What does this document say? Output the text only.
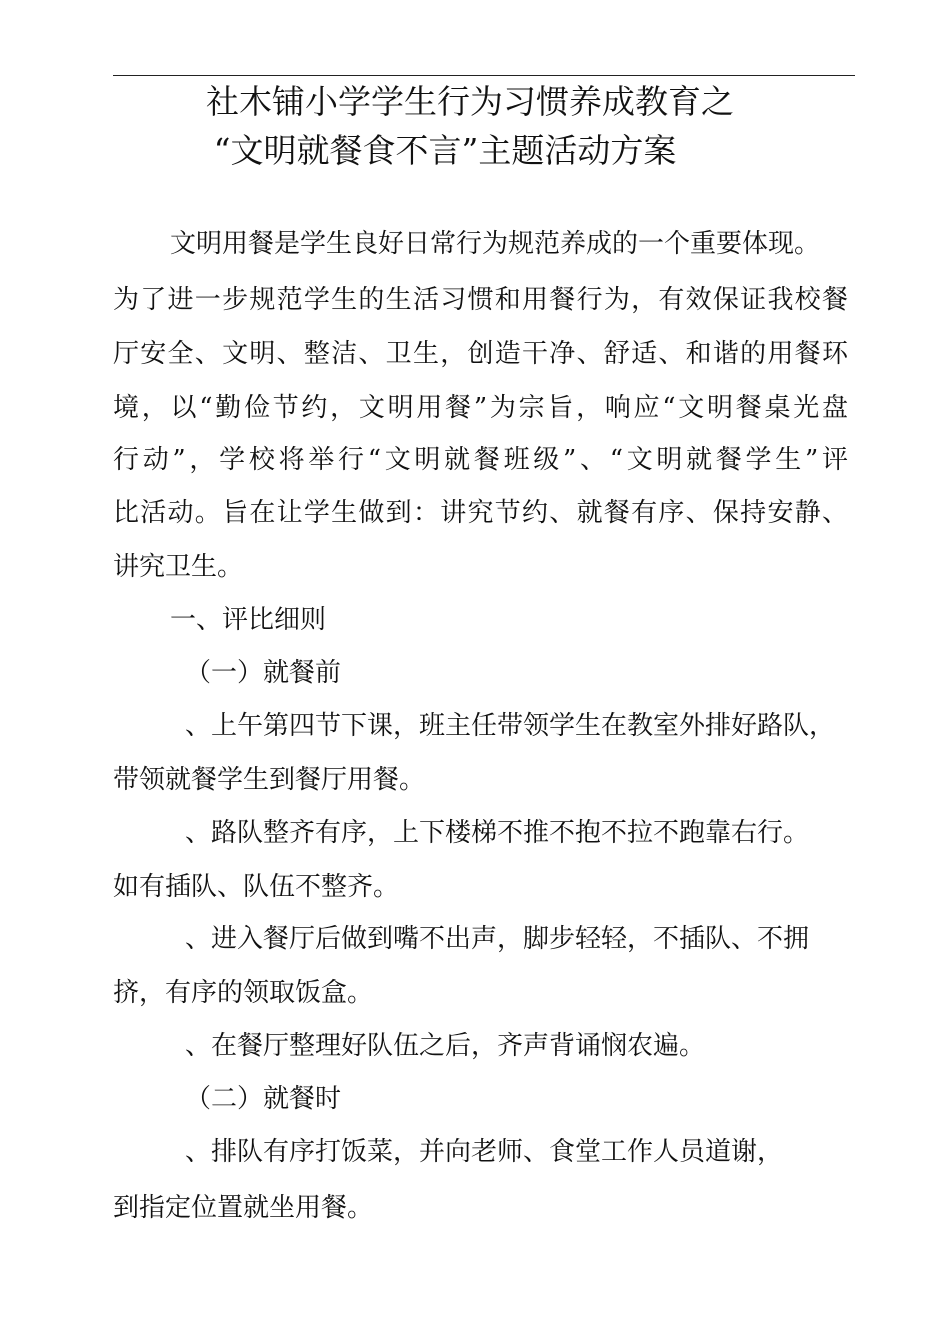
社木铺小学学生行为习惯养成教育之
“文明就餐食不言”主题活动方案
文明用餐是学生良好日常行为规范养成的一个重要体现。
为了进一步规范学生的生活习惯和用餐行为，有效保证我校餐
厅安全、文明、整洁、卫生，创造干净、舒适、和谐的用餐环
境，以“勤俭节约，文明用餐”为宗旨，响应“文明餐桌光盘
行动”，学校将举行“文明就餐班级”、“文明就餐学生”评
比活动。旨在让学生做到：讲究节约、就餐有序、保持安静、
讲究卫生。
一、评比细则
（一）就餐前
、上午第四节下课，班主任带领学生在教室外排好路队，
带领就餐学生到餐厅用餐。
、路队整齐有序，上下楼梯不推不抱不拉不跑靠右行。
如有插队、队伍不整齐。
、进入餐厅后做到嘴不出声，脚步轻轻，不插队、不拥
挤，有序的领取饭盒。
、在餐厅整理好队伍之后，齐声背诵悯农遍。
（二）就餐时
、排队有序打饭菜，并向老师、食堂工作人员道谢，
到指定位置就坐用餐。
